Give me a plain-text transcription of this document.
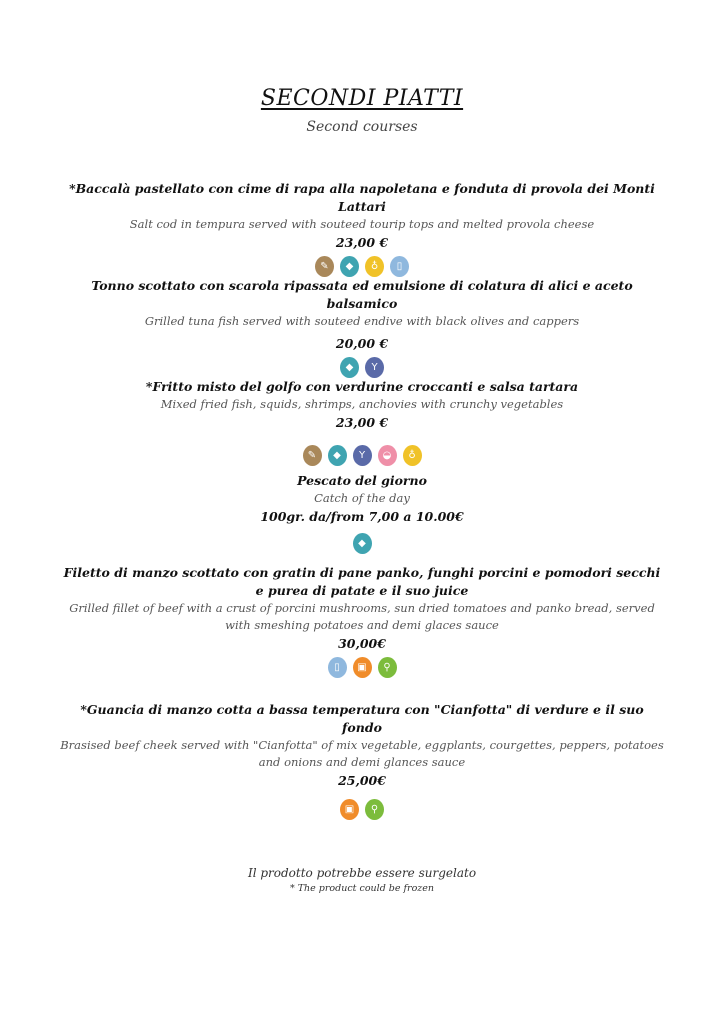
SECONDI PIATTI
Second courses
*Baccalà pastellato con cime di rapa alla napoletana e fonduta di provola dei Monti Lattari
Salt cod in tempura served with souteed tourip tops and melted provola cheese
23,00 €
✎	◆	♁	▯
Tonno scottato con scarola ripassata ed emulsione di colatura di alici e aceto balsamico
Grilled tuna fish served with souteed endive with black olives and cappers
20,00 €
◆	Y
*Fritto misto del golfo con verdurine croccanti e salsa tartara
Mixed fried fish, squids, shrimps, anchovies with crunchy vegetables
23,00 €
✎	◆	Y	◒	♁
Pescato del giorno
Catch of the day
100gr. da/from 7,00 a 10.00€
◆
Filetto di manzo scottato con gratin di pane panko, funghi porcini e pomodori secchi e purea di patate e il suo juice
Grilled fillet of beef with a crust of porcini mushrooms, sun dried tomatoes and panko bread, served with smeshing potatoes and demi glaces sauce
30,00€
▯	▣	⚲
*Guancia di manzo cotta a bassa temperatura con "Cianfotta" di verdure e il suo fondo
Brasised beef cheek served with "Cianfotta" of mix vegetable, eggplants, courgettes, peppers, potatoes and onions and demi glances sauce
25,00€
▣	⚲
Il prodotto potrebbe essere surgelato
* The product could be frozen
